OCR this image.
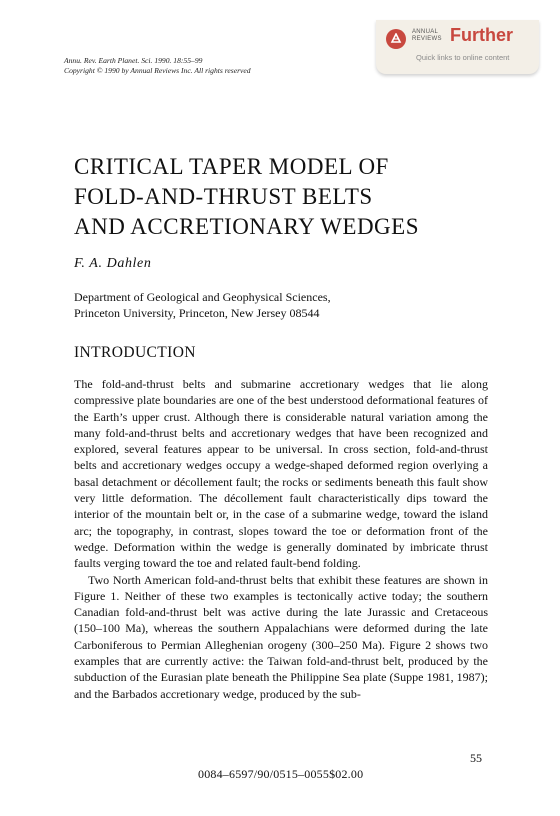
Annu. Rev. Earth Planet. Sci. 1990. 18:55–99
Copyright © 1990 by Annual Reviews Inc. All rights reserved
ANNUAL
REVIEWS Further
Quick links to online content
CRITICAL TAPER MODEL OF
FOLD-AND-THRUST BELTS
AND ACCRETIONARY WEDGES
F. A. Dahlen
Department of Geological and Geophysical Sciences,
Princeton University, Princeton, New Jersey 08544
INTRODUCTION

The fold-and-thrust belts and submarine accretionary wedges that lie along compressive plate boundaries are one of the best understood deformational features of the Earth’s upper crust. Although there is considerable natural variation among the many fold-and-thrust belts and accretionary wedges that have been recognized and explored, several features appear to be universal. In cross section, fold-and-thrust belts and accretionary wedges occupy a wedge-shaped deformed region overlying a basal detachment or décollement fault; the rocks or sediments beneath this fault show very little deformation. The décollement fault characteristically dips toward the interior of the mountain belt or, in the case of a submarine wedge, toward the island arc; the topography, in contrast, slopes toward the toe or deformation front of the wedge. Deformation within the wedge is generally dominated by imbricate thrust faults verging toward the toe and related fault-bend folding.

Two North American fold-and-thrust belts that exhibit these features are shown in Figure 1. Neither of these two examples is tectonically active today; the southern Canadian fold-and-thrust belt was active during the late Jurassic and Cretaceous (150–100 Ma), whereas the southern Appalachians were deformed during the late Carboniferous to Permian Alleghenian orogeny (300–250 Ma). Figure 2 shows two examples that are currently active: the Taiwan fold-and-thrust belt, produced by the subduction of the Eurasian plate beneath the Philippine Sea plate (Suppe 1981, 1987); and the Barbados accretionary wedge, produced by the sub-

55
0084–6597/90/0515–0055$02.00
